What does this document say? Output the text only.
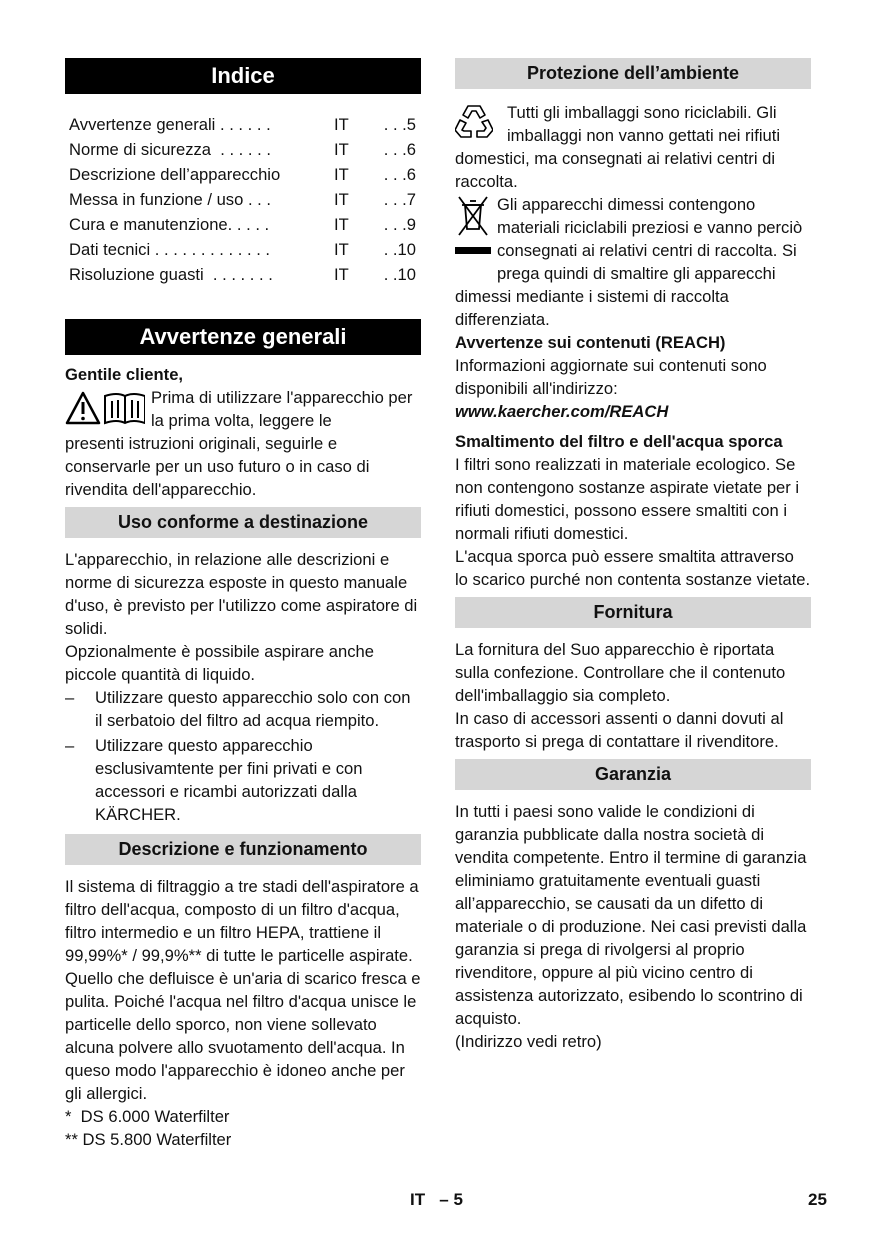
Indice
Avvertenze generali . . . . . .	IT	. . .5
Norme di sicurezza  . . . . . .	IT	. . .6
Descrizione dell’apparecchio	IT	. . .6
Messa in funzione / uso . . .	IT	. . .7
Cura e manutenzione. . . . .	IT	. . .9
Dati tecnici . . . . . . . . . . . . .	IT	. .10
Risoluzione guasti  . . . . . . .	IT	. .10
Avvertenze generali

Gentile cliente,

Prima di utilizzare l'apparecchio per la prima volta, leggere le

presenti istruzioni originali, seguirle e conservarle per un uso futuro o in caso di rivendita dell'apparecchio.

Uso conforme a destinazione

L'apparecchio, in relazione alle descrizioni e norme di sicurezza esposte in questo manuale d'uso, è previsto per l'utilizzo come aspiratore di solidi.

Opzionalmente è possibile aspirare anche piccole quantità di liquido.

– Utilizzare questo apparecchio solo con con il serbatoio del filtro ad acqua riempito.
– Utilizzare questo apparecchio esclusivamtente per fini privati e con accessori e ricambi autorizzati dalla KÄRCHER.
Descrizione e funzionamento

Il sistema di filtraggio a tre stadi dell'aspiratore a filtro dell'acqua, composto di un filtro d'acqua, filtro intermedio e un filtro HEPA, trattiene il 99,99%* / 99,9%** di tutte le particelle aspirate. Quello che defluisce è un'aria di scarico fresca e pulita. Poiché l'acqua nel filtro d'acqua unisce le particelle dello sporco, non viene sollevato alcuna polvere allo svuotamento dell'acqua. In queso modo l'apparecchio è idoneo anche per gli allergici.

*  DS 6.000 Waterfilter

** DS 5.800 Waterfilter

Protezione dell’ambiente

Tutti gli imballaggi sono riciclabili. Gli imballaggi non vanno gettati nei rifiuti domestici, ma consegnati ai relativi centri di raccolta.

Gli apparecchi dimessi contengono materiali riciclabili preziosi e vanno perciò consegnati ai relativi centri di raccolta. Si prega quindi di smaltire gli apparecchi dimessi mediante i sistemi di raccolta differenziata.

Avvertenze sui contenuti (REACH)

Informazioni aggiornate sui contenuti sono disponibili all'indirizzo:

www.kaercher.com/REACH

Smaltimento del filtro e dell'acqua sporca

I filtri sono realizzati in materiale ecologico. Se non contengono sostanze aspirate vietate per i rifiuti domestici, possono essere smaltiti con i normali rifiuti domestici.

L'acqua sporca può essere smaltita attraverso lo scarico purché non contenta sostanze vietate.

Fornitura

La fornitura del Suo apparecchio è riportata sulla confezione. Controllare che il contenuto dell'imballaggio sia completo.

In caso di accessori assenti o danni dovuti al trasporto si prega di contattare il rivenditore.

Garanzia

In tutti i paesi sono valide le condizioni di garanzia pubblicate dalla nostra società di vendita competente. Entro il termine di garanzia eliminiamo gratuitamente eventuali guasti all’apparecchio, se causati da un difetto di materiale o di produzione. Nei casi previsti dalla garanzia si prega di rivolgersi al proprio rivenditore, oppure al più vicino centro di assistenza autorizzato, esibendo lo scontrino di acquisto.

(Indirizzo vedi retro)

IT   – 5	25
